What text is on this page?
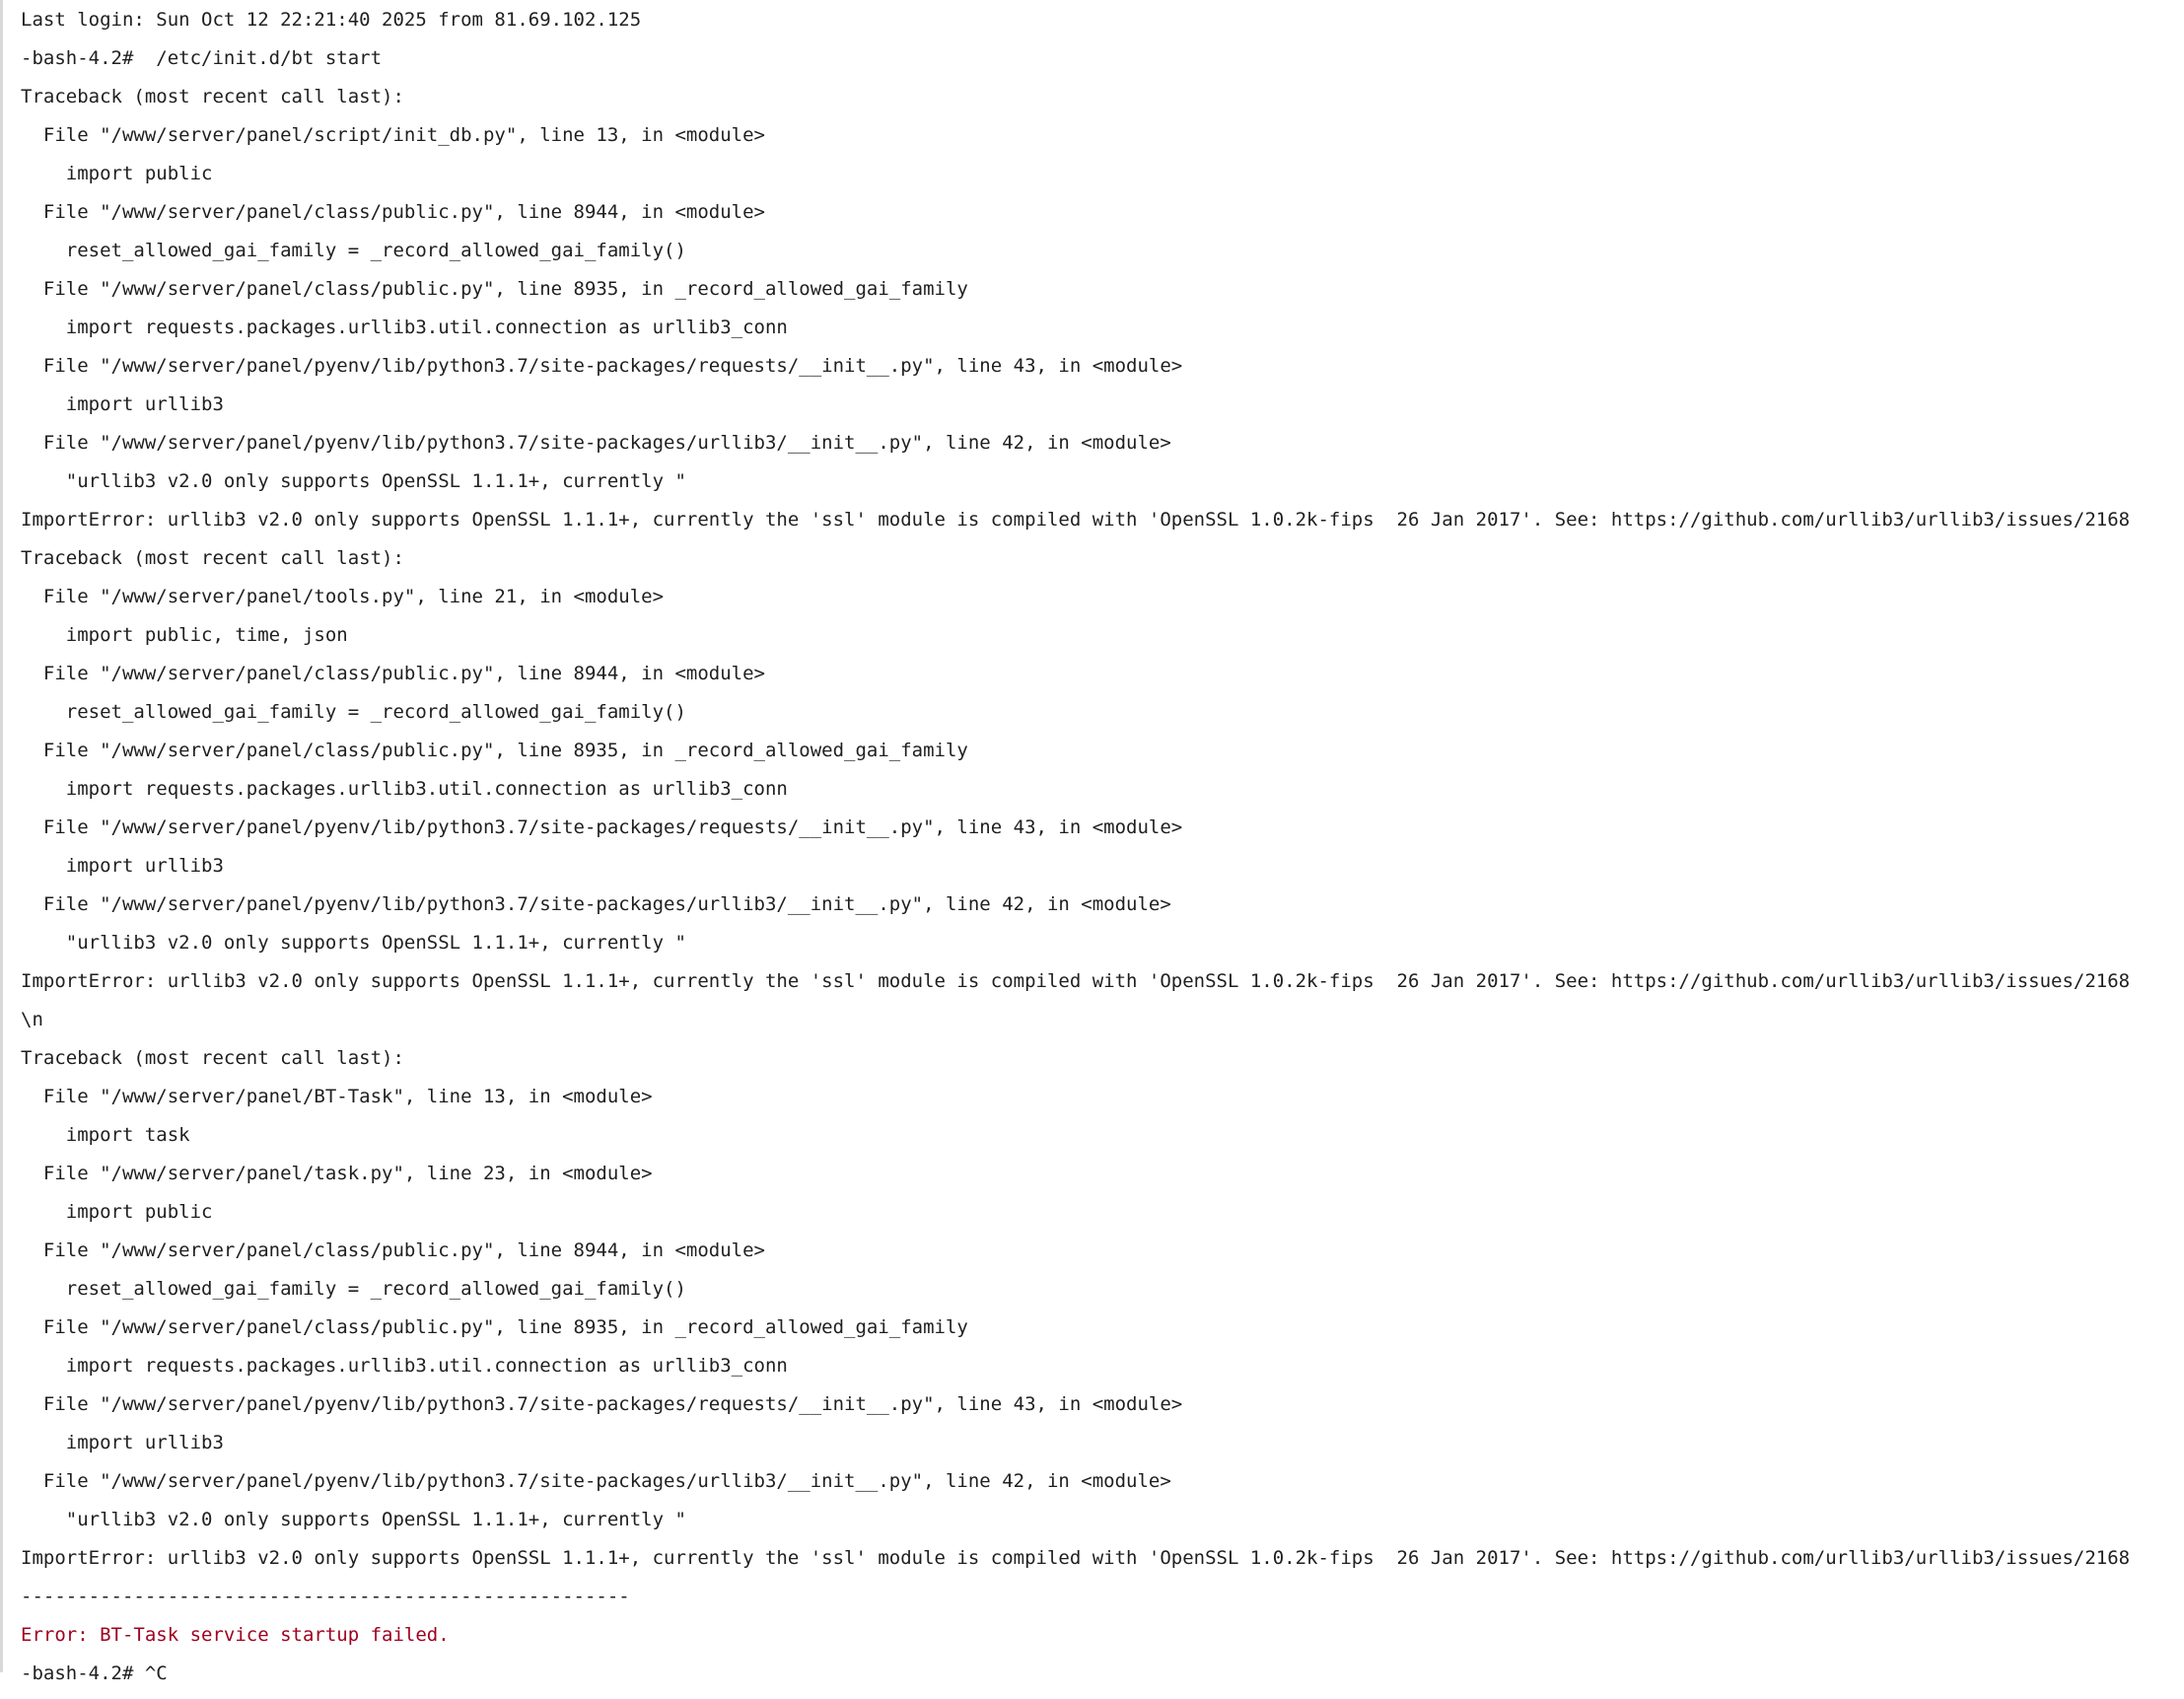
Last login: Sun Oct 12 22:21:40 2025 from 81.69.102.125
-bash-4.2#  /etc/init.d/bt start
Traceback (most recent call last):
File "/www/server/panel/script/init_db.py", line 13, in <module>
import public
File "/www/server/panel/class/public.py", line 8944, in <module>
reset_allowed_gai_family = _record_allowed_gai_family()
File "/www/server/panel/class/public.py", line 8935, in _record_allowed_gai_family
import requests.packages.urllib3.util.connection as urllib3_conn
File "/www/server/panel/pyenv/lib/python3.7/site-packages/requests/__init__.py", line 43, in <module>
import urllib3
File "/www/server/panel/pyenv/lib/python3.7/site-packages/urllib3/__init__.py", line 42, in <module>
"urllib3 v2.0 only supports OpenSSL 1.1.1+, currently "
ImportError: urllib3 v2.0 only supports OpenSSL 1.1.1+, currently the 'ssl' module is compiled with 'OpenSSL 1.0.2k-fips  26 Jan 2017'. See: https://github.com/urllib3/urllib3/issues/2168
Traceback (most recent call last):
File "/www/server/panel/tools.py", line 21, in <module>
import public, time, json
File "/www/server/panel/class/public.py", line 8944, in <module>
reset_allowed_gai_family = _record_allowed_gai_family()
File "/www/server/panel/class/public.py", line 8935, in _record_allowed_gai_family
import requests.packages.urllib3.util.connection as urllib3_conn
File "/www/server/panel/pyenv/lib/python3.7/site-packages/requests/__init__.py", line 43, in <module>
import urllib3
File "/www/server/panel/pyenv/lib/python3.7/site-packages/urllib3/__init__.py", line 42, in <module>
"urllib3 v2.0 only supports OpenSSL 1.1.1+, currently "
ImportError: urllib3 v2.0 only supports OpenSSL 1.1.1+, currently the 'ssl' module is compiled with 'OpenSSL 1.0.2k-fips  26 Jan 2017'. See: https://github.com/urllib3/urllib3/issues/2168
\n
Traceback (most recent call last):
File "/www/server/panel/BT-Task", line 13, in <module>
import task
File "/www/server/panel/task.py", line 23, in <module>
import public
File "/www/server/panel/class/public.py", line 8944, in <module>
reset_allowed_gai_family = _record_allowed_gai_family()
File "/www/server/panel/class/public.py", line 8935, in _record_allowed_gai_family
import requests.packages.urllib3.util.connection as urllib3_conn
File "/www/server/panel/pyenv/lib/python3.7/site-packages/requests/__init__.py", line 43, in <module>
import urllib3
File "/www/server/panel/pyenv/lib/python3.7/site-packages/urllib3/__init__.py", line 42, in <module>
"urllib3 v2.0 only supports OpenSSL 1.1.1+, currently "
ImportError: urllib3 v2.0 only supports OpenSSL 1.1.1+, currently the 'ssl' module is compiled with 'OpenSSL 1.0.2k-fips  26 Jan 2017'. See: https://github.com/urllib3/urllib3/issues/2168
------------------------------------------------------
Error: BT-Task service startup failed.
-bash-4.2# ^C
